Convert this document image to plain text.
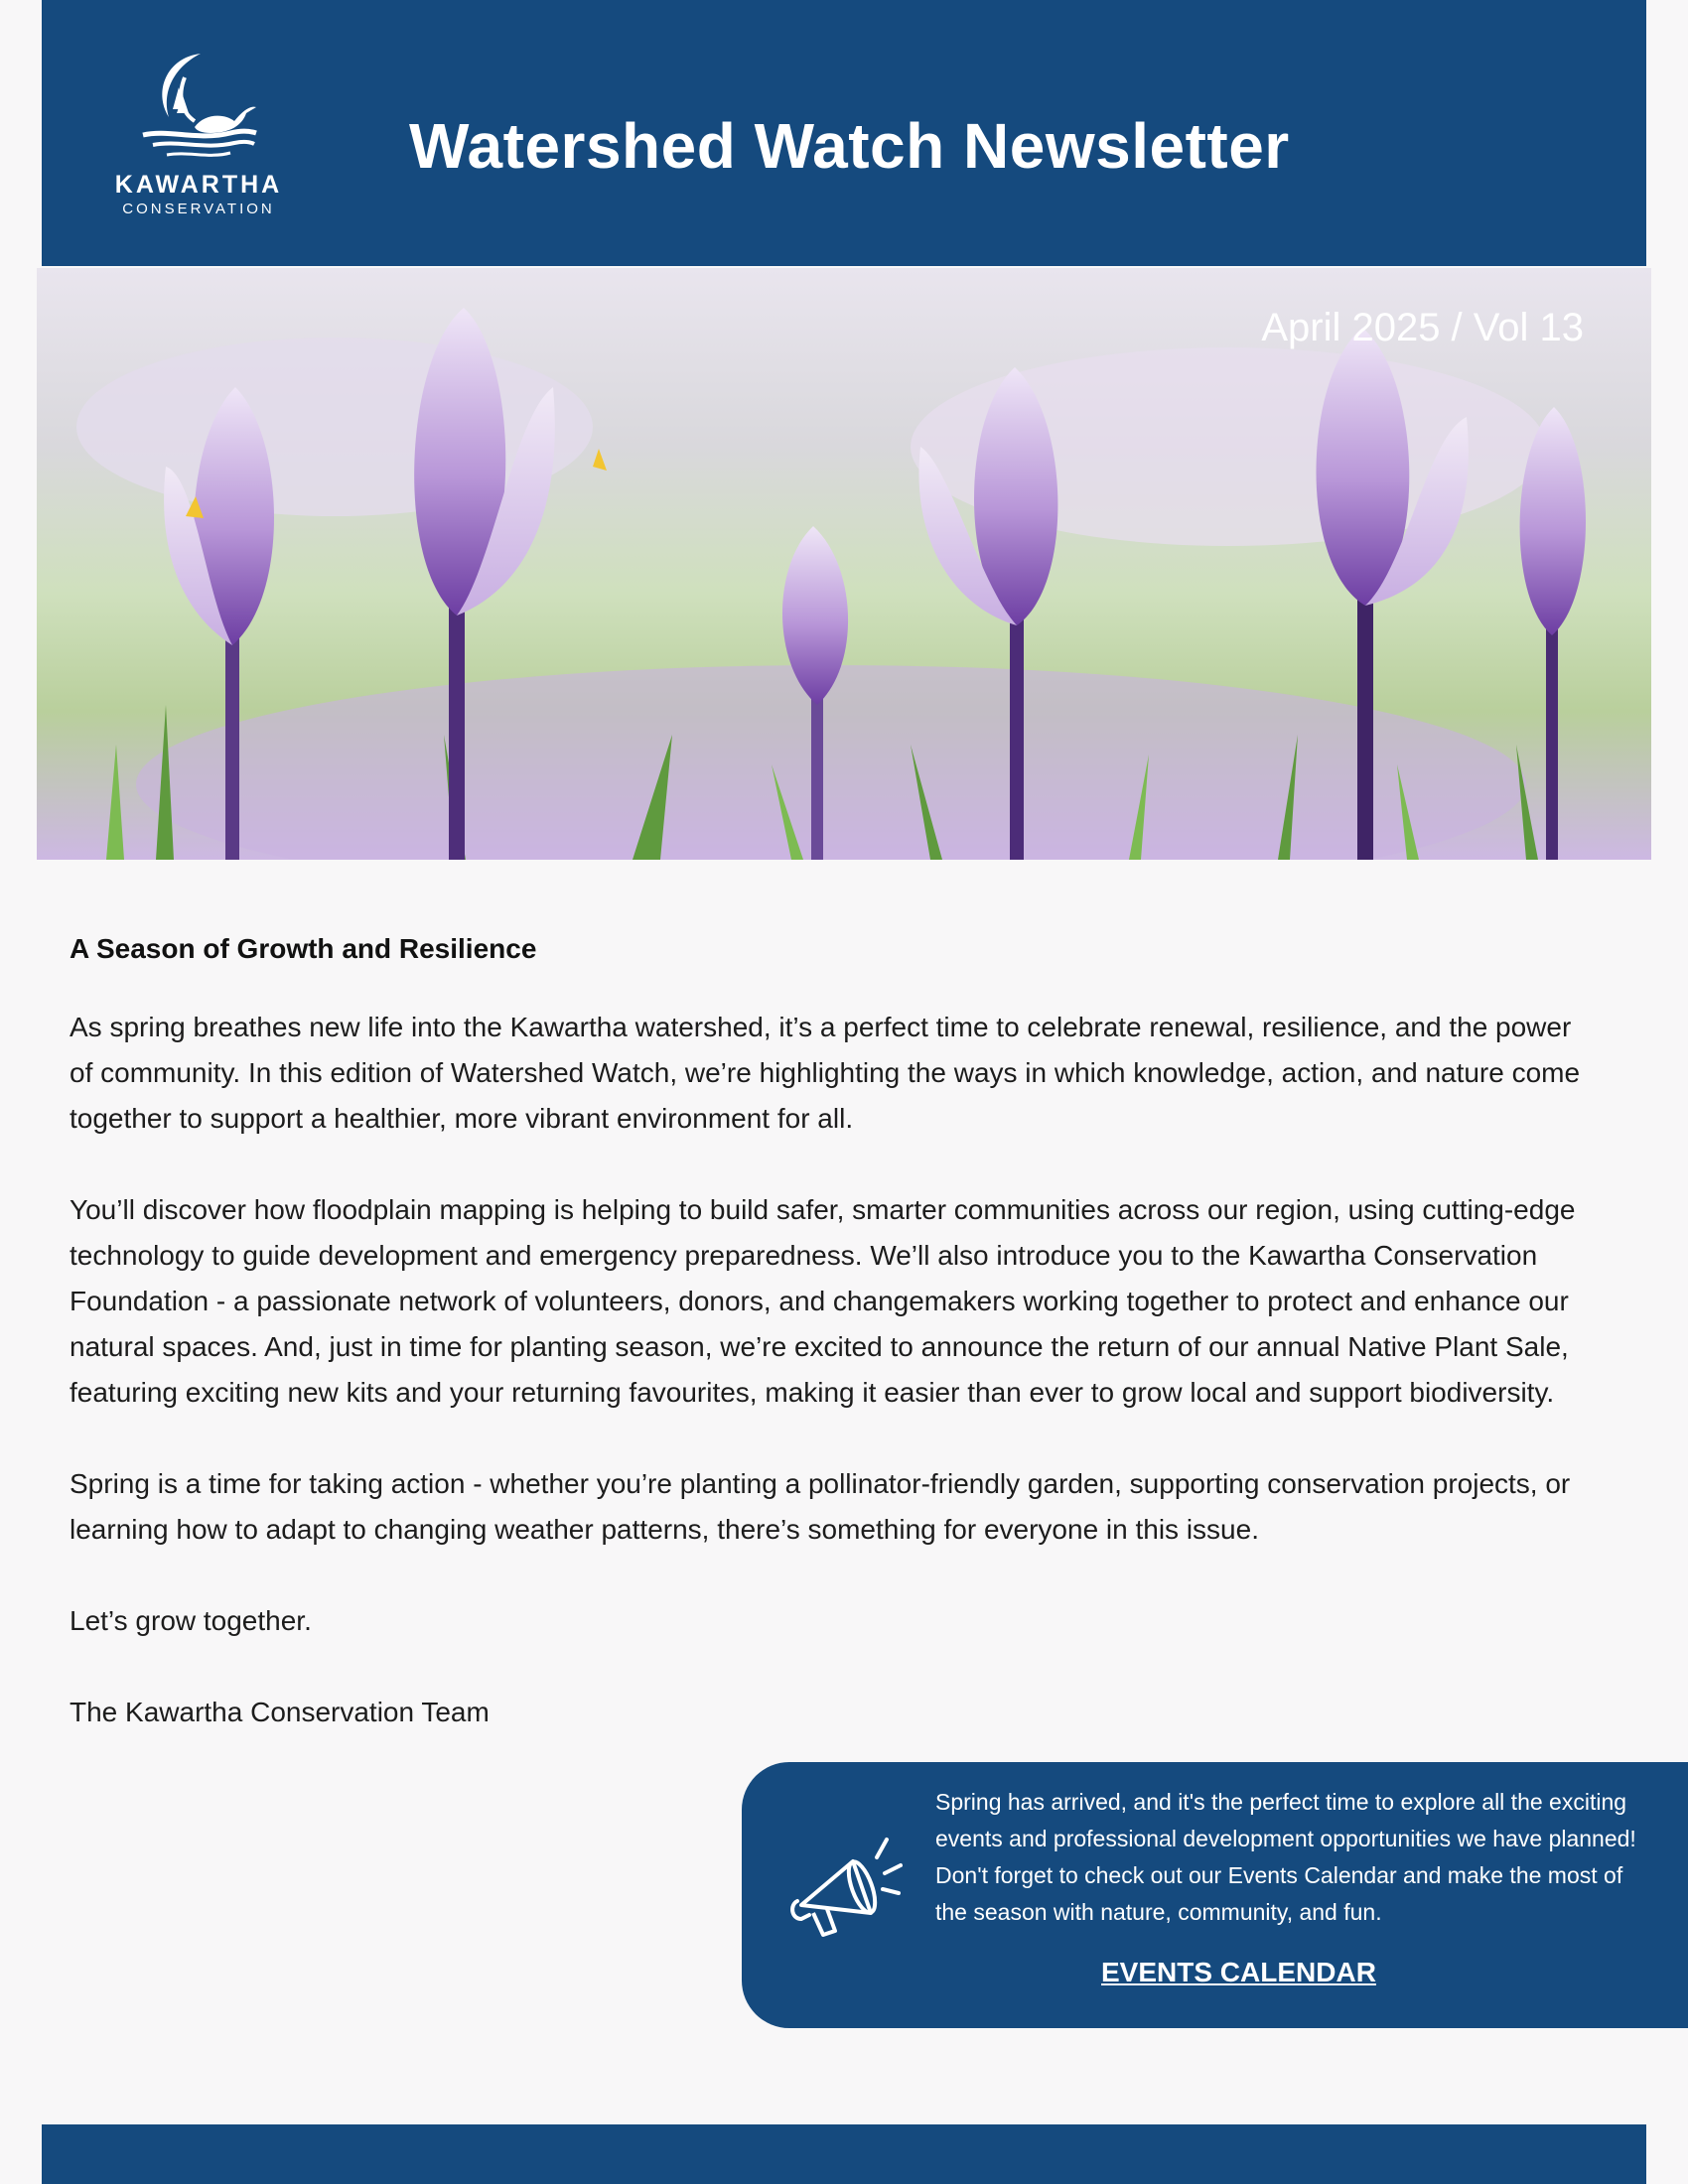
KAWARTHA
CONSERVATION
Watershed Watch Newsletter
April 2025 / Vol 13
A Season of Growth and Resilience

As spring breathes new life into the Kawartha watershed, it’s a perfect time to celebrate renewal, resilience, and the power of community. In this edition of Watershed Watch, we’re highlighting the ways in which knowledge, action, and nature come together to support a healthier, more vibrant environment for all.

You’ll discover how floodplain mapping is helping to build safer, smarter communities across our region, using cutting-edge technology to guide development and emergency preparedness. We’ll also introduce you to the Kawartha Conservation Foundation - a passionate network of volunteers, donors, and changemakers working together to protect and enhance our natural spaces. And, just in time for planting season, we’re excited to announce the return of our annual Native Plant Sale, featuring exciting new kits and your returning favourites, making it easier than ever to grow local and support biodiversity.

Spring is a time for taking action - whether you’re planting a pollinator-friendly garden, supporting conservation projects, or learning how to adapt to changing weather patterns, there’s something for everyone in this issue.

Let’s grow together.

The Kawartha Conservation Team

Spring has arrived, and it's the perfect time to explore all the exciting events and professional development opportunities we have planned! Don't forget to check out our Events Calendar and make the most of the season with nature, community, and fun.

EVENTS CALENDAR
